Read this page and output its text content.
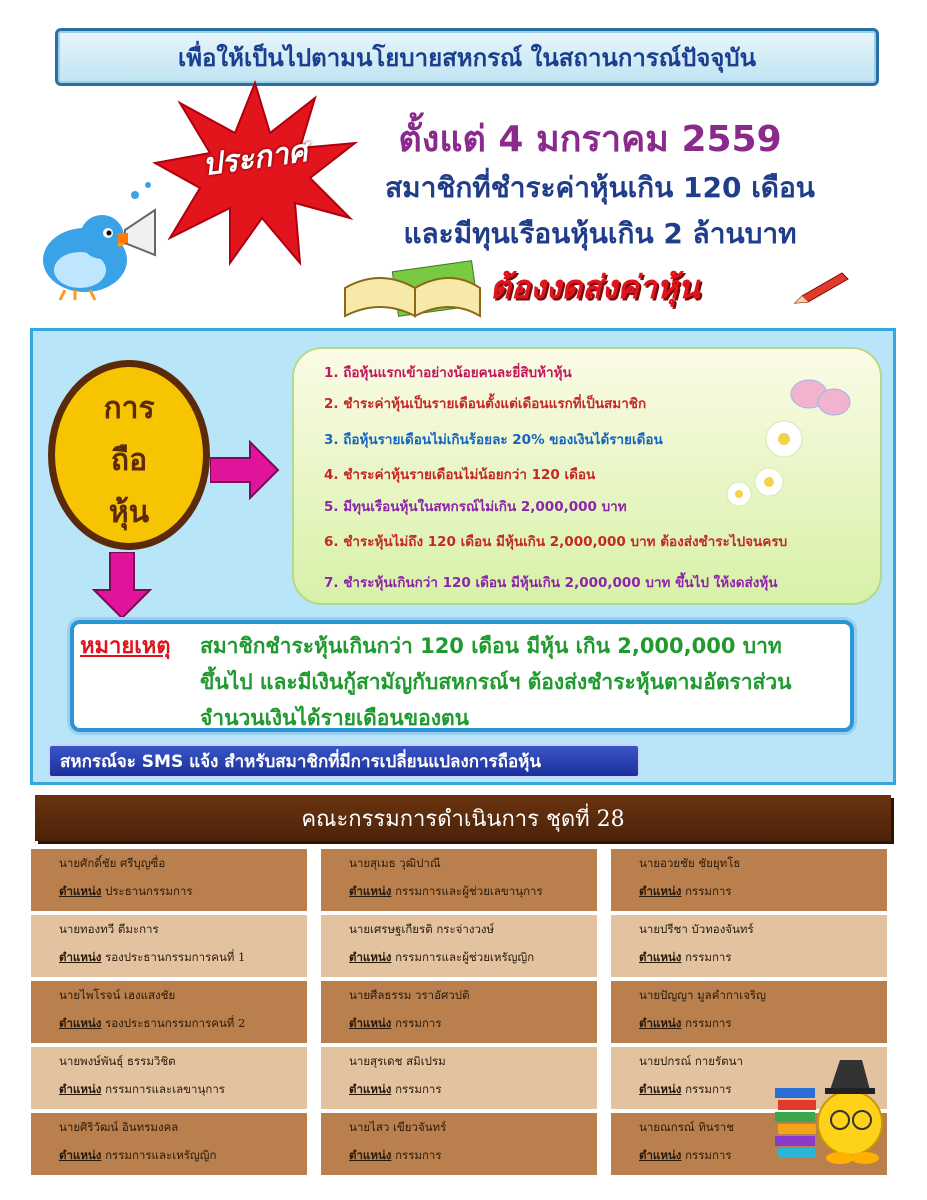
เพื่อให้เป็นไปตามนโยบายสหกรณ์ ในสถานการณ์ปัจจุบัน
ประกาศ	ตั้งแต่ 4 มกราคม 2559
สมาชิกที่ชำระค่าหุ้นเกิน 120 เดือน
และมีทุนเรือนหุ้นเกิน 2 ล้านบาท
ต้องงดส่งค่าหุ้น
การ
ถือ
หุ้น
1. ถือหุ้นแรกเข้าอย่างน้อยคนละยี่สิบห้าหุ้น
2. ชำระค่าหุ้นเป็นรายเดือนตั้งแต่เดือนแรกที่เป็นสมาชิก
3. ถือหุ้นรายเดือนไม่เกินร้อยละ 20% ของเงินได้รายเดือน
4. ชำระค่าหุ้นรายเดือนไม่น้อยกว่า 120 เดือน
5. มีทุนเรือนหุ้นในสหกรณ์ไม่เกิน 2,000,000 บาท
6. ชำระหุ้นไม่ถึง 120 เดือน มีหุ้นเกิน 2,000,000 บาท ต้องส่งชำระไปจนครบ
7. ชำระหุ้นเกินกว่า 120 เดือน มีหุ้นเกิน 2,000,000 บาท ขึ้นไป ให้งดส่งหุ้น
หมายเหตุ สมาชิกชำระหุ้นเกินกว่า 120 เดือน มีหุ้น เกิน 2,000,000 บาท
ขึ้นไป และมีเงินกู้สามัญกับสหกรณ์ฯ ต้องส่งชำระหุ้นตามอัตราส่วน
จำนวนเงินได้รายเดือนของตน
สหกรณ์จะ SMS แจ้ง สำหรับสมาชิกที่มีการเปลี่ยนแปลงการถือหุ้น
คณะกรรมการดำเนินการ ชุดที่ 28
นายศักดิ์ชัย ศรีบุญซื่อ
ตำแหน่ง ประธานกรรมการ
นายสุเมธ วุฒิปาณี
ตำแหน่ง กรรมการและผู้ช่วยเลขานุการ
นายอวยชัย ชัยยุทโธ
ตำแหน่ง กรรมการ
นายทองทวี ตีมะการ
ตำแหน่ง รองประธานกรรมการคนที่ 1
นายเศรษฐเกียรติ กระจ่างวงษ์
ตำแหน่ง กรรมการและผู้ช่วยเหรัญญิก
นายปรีชา บัวทองจันทร์
ตำแหน่ง กรรมการ
นายไพโรจน์ เฮงแสงชัย
ตำแหน่ง รองประธานกรรมการคนที่ 2
นายศีลธรรม วราอัศวปติ
ตำแหน่ง กรรมการ
นายปัญญา มูลคำกาเจริญ
ตำแหน่ง กรรมการ
นายพงษ์พันธุ์ ธรรมวิชิต
ตำแหน่ง กรรมการและเลขานุการ
นายสุรเดช สมิเปรม
ตำแหน่ง กรรมการ
นายปกรณ์ กายรัตนา
ตำแหน่ง กรรมการ
นายศิริวัฒน์ อินทรมงคล
ตำแหน่ง กรรมการและเหรัญญิก
นายไสว เขียวจันทร์
ตำแหน่ง กรรมการ
นายณกรณ์ ทินราช
ตำแหน่ง กรรมการ
